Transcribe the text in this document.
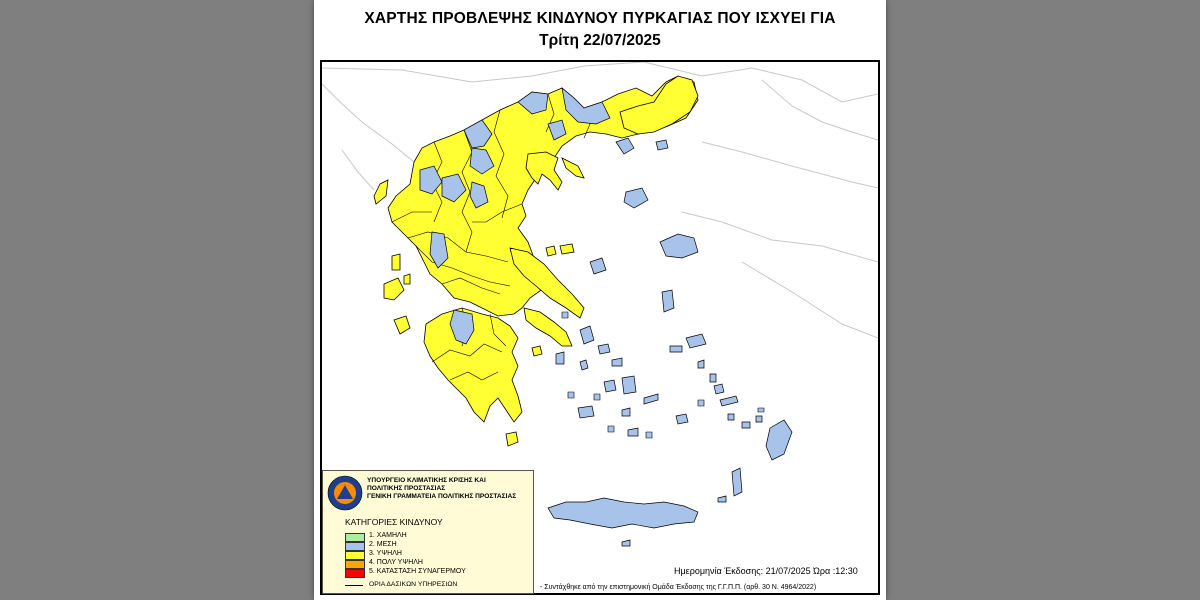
ΧΑΡΤΗΣ ΠΡΟΒΛΕΨΗΣ ΚΙΝΔΥΝΟΥ ΠΥΡΚΑΓΙΑΣ ΠΟΥ ΙΣΧΥΕΙ ΓΙΑ
Τρίτη 22/07/2025
ΥΠΟΥΡΓΕΙΟ ΚΛΙΜΑΤΙΚΗΣ ΚΡΙΣΗΣ ΚΑΙ
ΠΟΛΙΤΙΚΗΣ ΠΡΟΣΤΑΣΙΑΣ
ΓΕΝΙΚΗ ΓΡΑΜΜΑΤΕΙΑ ΠΟΛΙΤΙΚΗΣ ΠΡΟΣΤΑΣΙΑΣ
ΚΑΤΗΓΟΡΙΕΣ ΚΙΝΔΥΝΟΥ
1. ΧΑΜΗΛΗ
2. ΜΕΣΗ
3. ΥΨΗΛΗ
4. ΠΟΛΥ ΥΨΗΛΗ
5. ΚΑΤΑΣΤΑΣΗ ΣΥΝΑΓΕΡΜΟΥ
ΟΡΙΑ ΔΑΣΙΚΩΝ ΥΠΗΡΕΣΙΩΝ
Ημερομηνία Έκδοσης: 21/07/2025 Ώρα :12:30
- Συντάχθηκε από την επιστημονική Ομάδα Έκδοσης της Γ.Γ.Π.Π. (αρθ. 30 Ν. 4964/2022)
